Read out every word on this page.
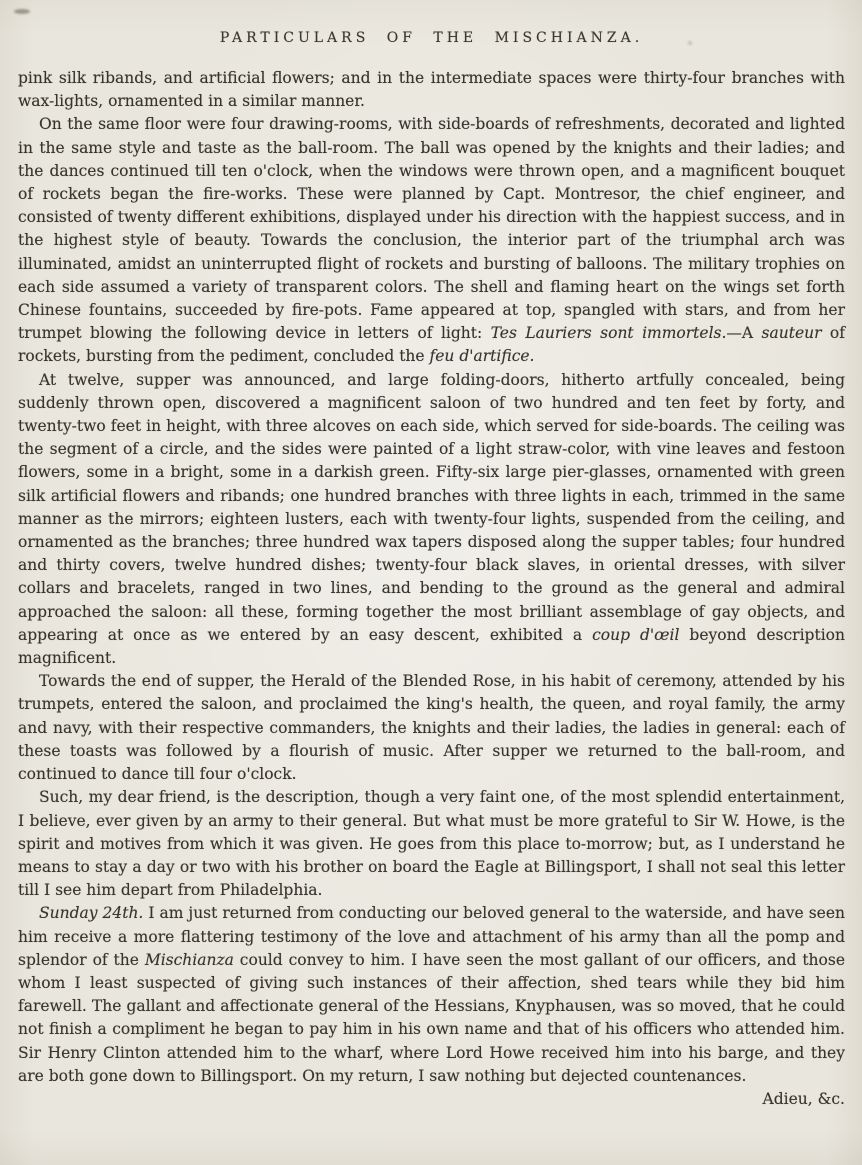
PARTICULARS OF THE MISCHIANZA.

pink silk ribands, and artificial flowers; and in the intermediate spaces were thirty-four branches with wax-lights, ornamented in a similar manner.

On the same floor were four drawing-rooms, with side-boards of refreshments, decorated and lighted in the same style and taste as the ball-room. The ball was opened by the knights and their ladies; and the dances continued till ten o'clock, when the windows were thrown open, and a magnificent bouquet of rockets began the fire-works. These were planned by Capt. Montresor, the chief engineer, and consisted of twenty different exhibitions, displayed under his direction with the happiest success, and in the highest style of beauty. Towards the conclusion, the interior part of the triumphal arch was illuminated, amidst an uninterrupted flight of rockets and bursting of balloons. The military trophies on each side assumed a variety of transparent colors. The shell and flaming heart on the wings set forth Chinese fountains, succeeded by fire-pots. Fame appeared at top, spangled with stars, and from her trumpet blowing the following device in letters of light: Tes Lauriers sont immortels.—A sauteur of rockets, bursting from the pediment, concluded the feu d'artifice.

At twelve, supper was announced, and large folding-doors, hitherto artfully concealed, being suddenly thrown open, discovered a magnificent saloon of two hundred and ten feet by forty, and twenty-two feet in height, with three alcoves on each side, which served for side-boards. The ceiling was the segment of a circle, and the sides were painted of a light straw-color, with vine leaves and festoon flowers, some in a bright, some in a darkish green. Fifty-six large pier-glasses, ornamented with green silk artificial flowers and ribands; one hundred branches with three lights in each, trimmed in the same manner as the mirrors; eighteen lusters, each with twenty-four lights, suspended from the ceiling, and ornamented as the branches; three hundred wax tapers disposed along the supper tables; four hundred and thirty covers, twelve hundred dishes; twenty-four black slaves, in oriental dresses, with silver collars and bracelets, ranged in two lines, and bending to the ground as the general and admiral approached the saloon: all these, forming together the most brilliant assemblage of gay objects, and appearing at once as we entered by an easy descent, exhibited a coup d'œil beyond description magnificent.

Towards the end of supper, the Herald of the Blended Rose, in his habit of ceremony, attended by his trumpets, entered the saloon, and proclaimed the king's health, the queen, and royal family, the army and navy, with their respective commanders, the knights and their ladies, the ladies in general: each of these toasts was followed by a flourish of music. After supper we returned to the ball-room, and continued to dance till four o'clock.

Such, my dear friend, is the description, though a very faint one, of the most splendid entertainment, I believe, ever given by an army to their general. But what must be more grateful to Sir W. Howe, is the spirit and motives from which it was given. He goes from this place to-morrow; but, as I understand he means to stay a day or two with his brother on board the Eagle at Billingsport, I shall not seal this letter till I see him depart from Philadelphia.

Sunday 24th. I am just returned from conducting our beloved general to the waterside, and have seen him receive a more flattering testimony of the love and attachment of his army than all the pomp and splendor of the Mischianza could convey to him. I have seen the most gallant of our officers, and those whom I least suspected of giving such instances of their affection, shed tears while they bid him farewell. The gallant and affectionate general of the Hessians, Knyphausen, was so moved, that he could not finish a compliment he began to pay him in his own name and that of his officers who attended him. Sir Henry Clinton attended him to the wharf, where Lord Howe received him into his barge, and they are both gone down to Billingsport. On my return, I saw nothing but dejected countenances.
Adieu, &c.
